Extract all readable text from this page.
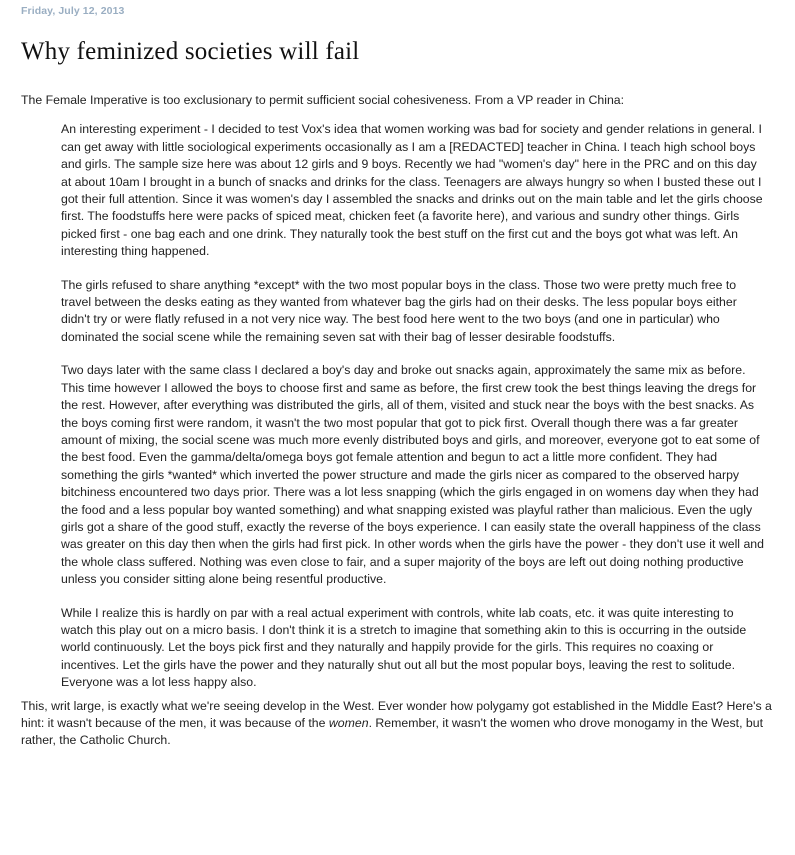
Friday, July 12, 2013
Why feminized societies will fail

The Female Imperative is too exclusionary to permit sufficient social cohesiveness. From a VP reader in China:

An interesting experiment - I decided to test Vox's idea that women working was bad for society and gender relations in general. I can get away with little sociological experiments occasionally as I am a [REDACTED] teacher in China. I teach high school boys and girls. The sample size here was about 12 girls and 9 boys. Recently we had "women's day" here in the PRC and on this day at about 10am I brought in a bunch of snacks and drinks for the class. Teenagers are always hungry so when I busted these out I got their full attention. Since it was women's day I assembled the snacks and drinks out on the main table and let the girls choose first. The foodstuffs here were packs of spiced meat, chicken feet (a favorite here), and various and sundry other things. Girls picked first - one bag each and one drink. They naturally took the best stuff on the first cut and the boys got what was left. An interesting thing happened.

The girls refused to share anything *except* with the two most popular boys in the class. Those two were pretty much free to travel between the desks eating as they wanted from whatever bag the girls had on their desks. The less popular boys either didn't try or were flatly refused in a not very nice way. The best food here went to the two boys (and one in particular) who dominated the social scene while the remaining seven sat with their bag of lesser desirable foodstuffs.

Two days later with the same class I declared a boy's day and broke out snacks again, approximately the same mix as before. This time however I allowed the boys to choose first and same as before, the first crew took the best things leaving the dregs for the rest. However, after everything was distributed the girls, all of them, visited and stuck near the boys with the best snacks. As the boys coming first were random, it wasn't the two most popular that got to pick first. Overall though there was a far greater amount of mixing, the social scene was much more evenly distributed boys and girls, and moreover, everyone got to eat some of the best food. Even the gamma/delta/omega boys got female attention and begun to act a little more confident. They had something the girls *wanted* which inverted the power structure and made the girls nicer as compared to the observed harpy bitchiness encountered two days prior. There was a lot less snapping (which the girls engaged in on womens day when they had the food and a less popular boy wanted something) and what snapping existed was playful rather than malicious. Even the ugly girls got a share of the good stuff, exactly the reverse of the boys experience. I can easily state the overall happiness of the class was greater on this day then when the girls had first pick. In other words when the girls have the power - they don't use it well and the whole class suffered. Nothing was even close to fair, and a super majority of the boys are left out doing nothing productive unless you consider sitting alone being resentful productive.

While I realize this is hardly on par with a real actual experiment with controls, white lab coats, etc. it was quite interesting to watch this play out on a micro basis. I don't think it is a stretch to imagine that something akin to this is occurring in the outside world continuously. Let the boys pick first and they naturally and happily provide for the girls. This requires no coaxing or incentives. Let the girls have the power and they naturally shut out all but the most popular boys, leaving the rest to solitude. Everyone was a lot less happy also.

This, writ large, is exactly what we're seeing develop in the West. Ever wonder how polygamy got established in the Middle East? Here's a hint: it wasn't because of the men, it was because of the women. Remember, it wasn't the women who drove monogamy in the West, but rather, the Catholic Church.
